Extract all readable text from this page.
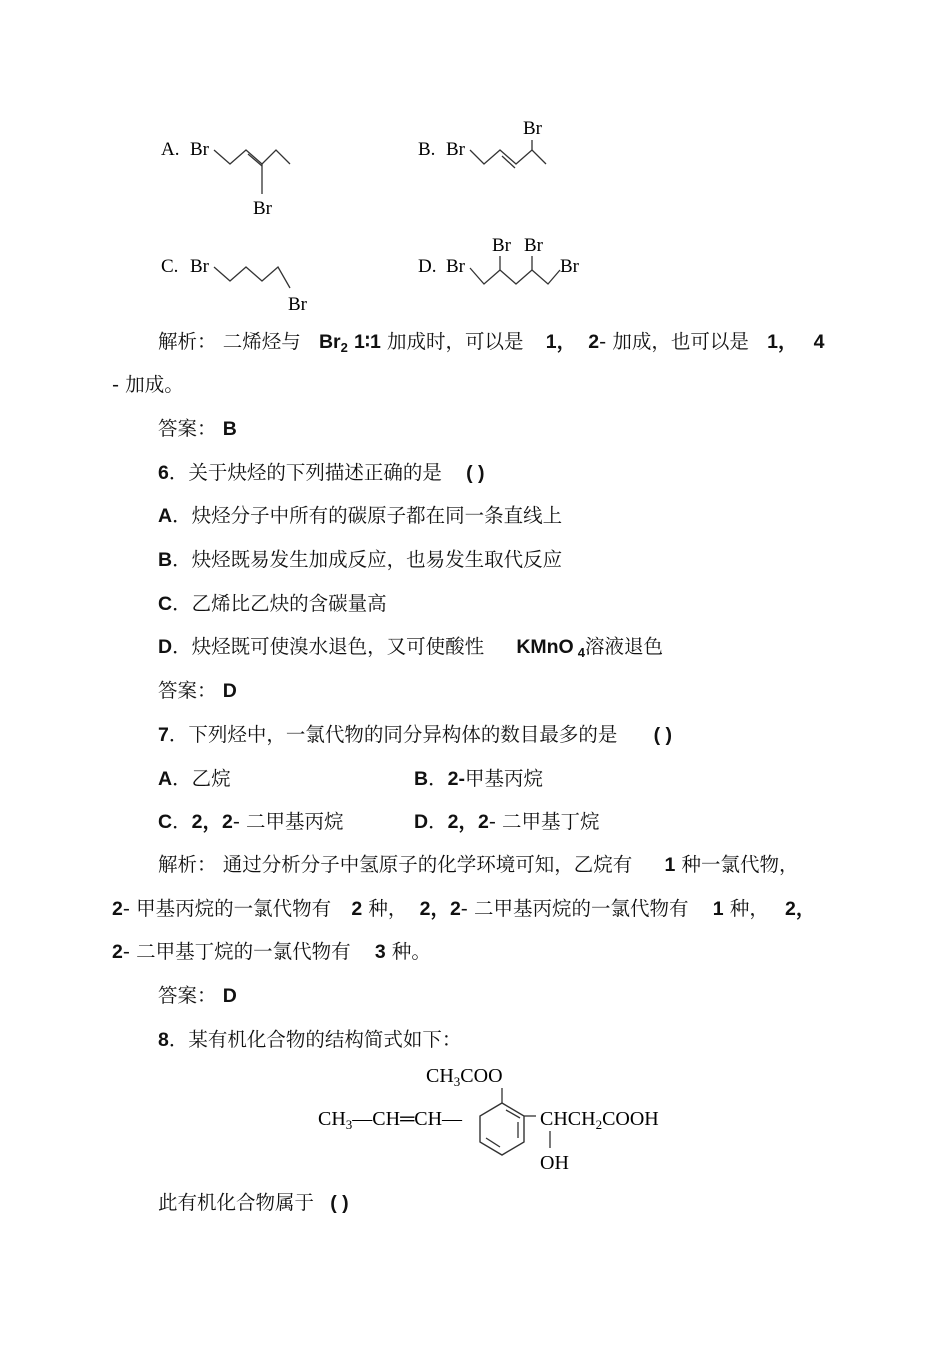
A. Br
Br
B. Br
Br
C. Br
Br
D. Br
Br Br
Br
解析： 二烯烃与 $Br_2$ 1∶1 加成时，可以是 1， 2- 加成，也可以是 1， 4
- 加成。
答案： B
6．关于炔烃的下列描述正确的是 ( )
A．炔烃分子中所有的碳原子都在同一条直线上
B．炔烃既易发生加成反应，也易发生取代反应
C．乙烯比乙炔的含碳量高
D．炔烃既可使溴水退色，又可使酸性 KMnO $_4$溶液退色
答案： D
7．下列烃中，一氯代物的同分异构体的数目最多的是 ( )
A．乙烷	B．2-甲基丙烷
C．2，2- 二甲基丙烷	D．2，2- 二甲基丁烷
解析： 通过分析分子中氢原子的化学环境可知，乙烷有 1 种一氯代物，
2- 甲基丙烷的一氯代物有 2 种， 2，2- 二甲基丙烷的一氯代物有 1 种， 2，
2- 二甲基丁烷的一氯代物有 3 种。
答案： D
8．某有机化合物的结构简式如下：
$CH_3COO$
$CH_3—CH═CH—$	$CHCH_2COOH$
OH
此有机化合物属于 ( )
